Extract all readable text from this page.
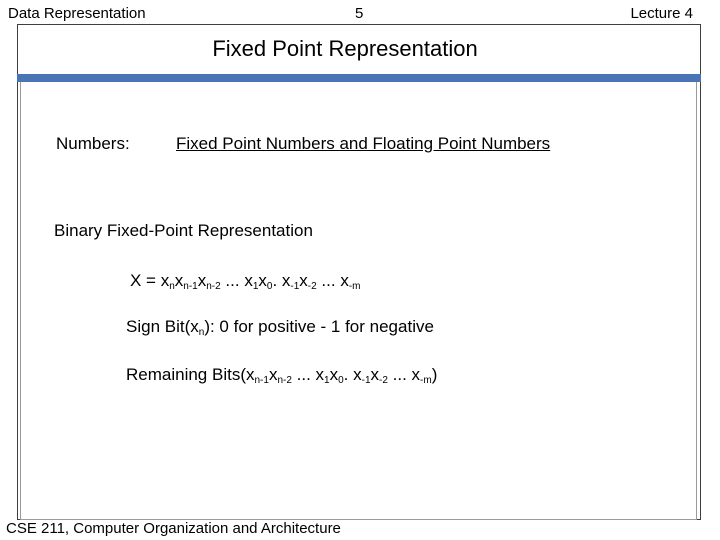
Data Representation	5	Lecture 4
Fixed Point Representation
Numbers:	Fixed Point Numbers and Floating Point Numbers
Binary Fixed-Point Representation
$X = x_nx_{n-1}x_{n-2}$ ... $x_1x_0$. $x_{-1}x_{-2}$ ... $x_{-m}$
Sign $Bit(x_n)$: 0 for positive - 1 for negative
Remaining $Bits(x_{n-1}x_{n-2}$ ... $x_1x_0$. $x_{-1}x_{-2}$ ... $x_{-m}$)
CSE 211, Computer Organization and Architecture
